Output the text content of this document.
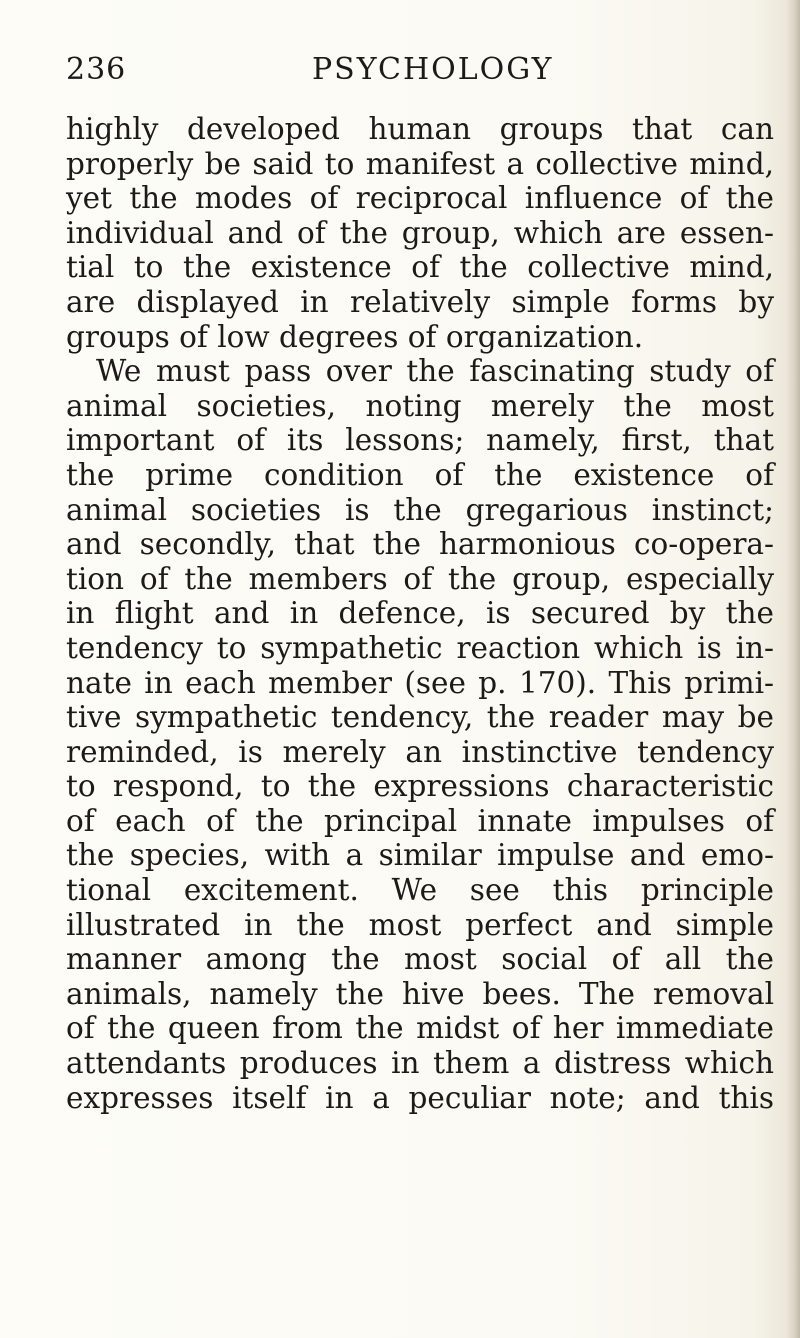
236	PSYCHOLOGY
highly developed human groups that can
properly be said to manifest a collective mind,
yet the modes of reciprocal influence of the
individual and of the group, which are essen-
tial to the existence of the collective mind,
are displayed in relatively simple forms by
groups of low degrees of organization.
We must pass over the fascinating study of
animal societies, noting merely the most
important of its lessons; namely, first, that
the prime condition of the existence of
animal societies is the gregarious instinct;
and secondly, that the harmonious co-opera-
tion of the members of the group, especially
in flight and in defence, is secured by the
tendency to sympathetic reaction which is in-
nate in each member (see p. 170). This primi-
tive sympathetic tendency, the reader may be
reminded, is merely an instinctive tendency
to respond, to the expressions characteristic
of each of the principal innate impulses of
the species, with a similar impulse and emo-
tional excitement. We see this principle
illustrated in the most perfect and simple
manner among the most social of all the
animals, namely the hive bees. The removal
of the queen from the midst of her immediate
attendants produces in them a distress which
expresses itself in a peculiar note; and this
